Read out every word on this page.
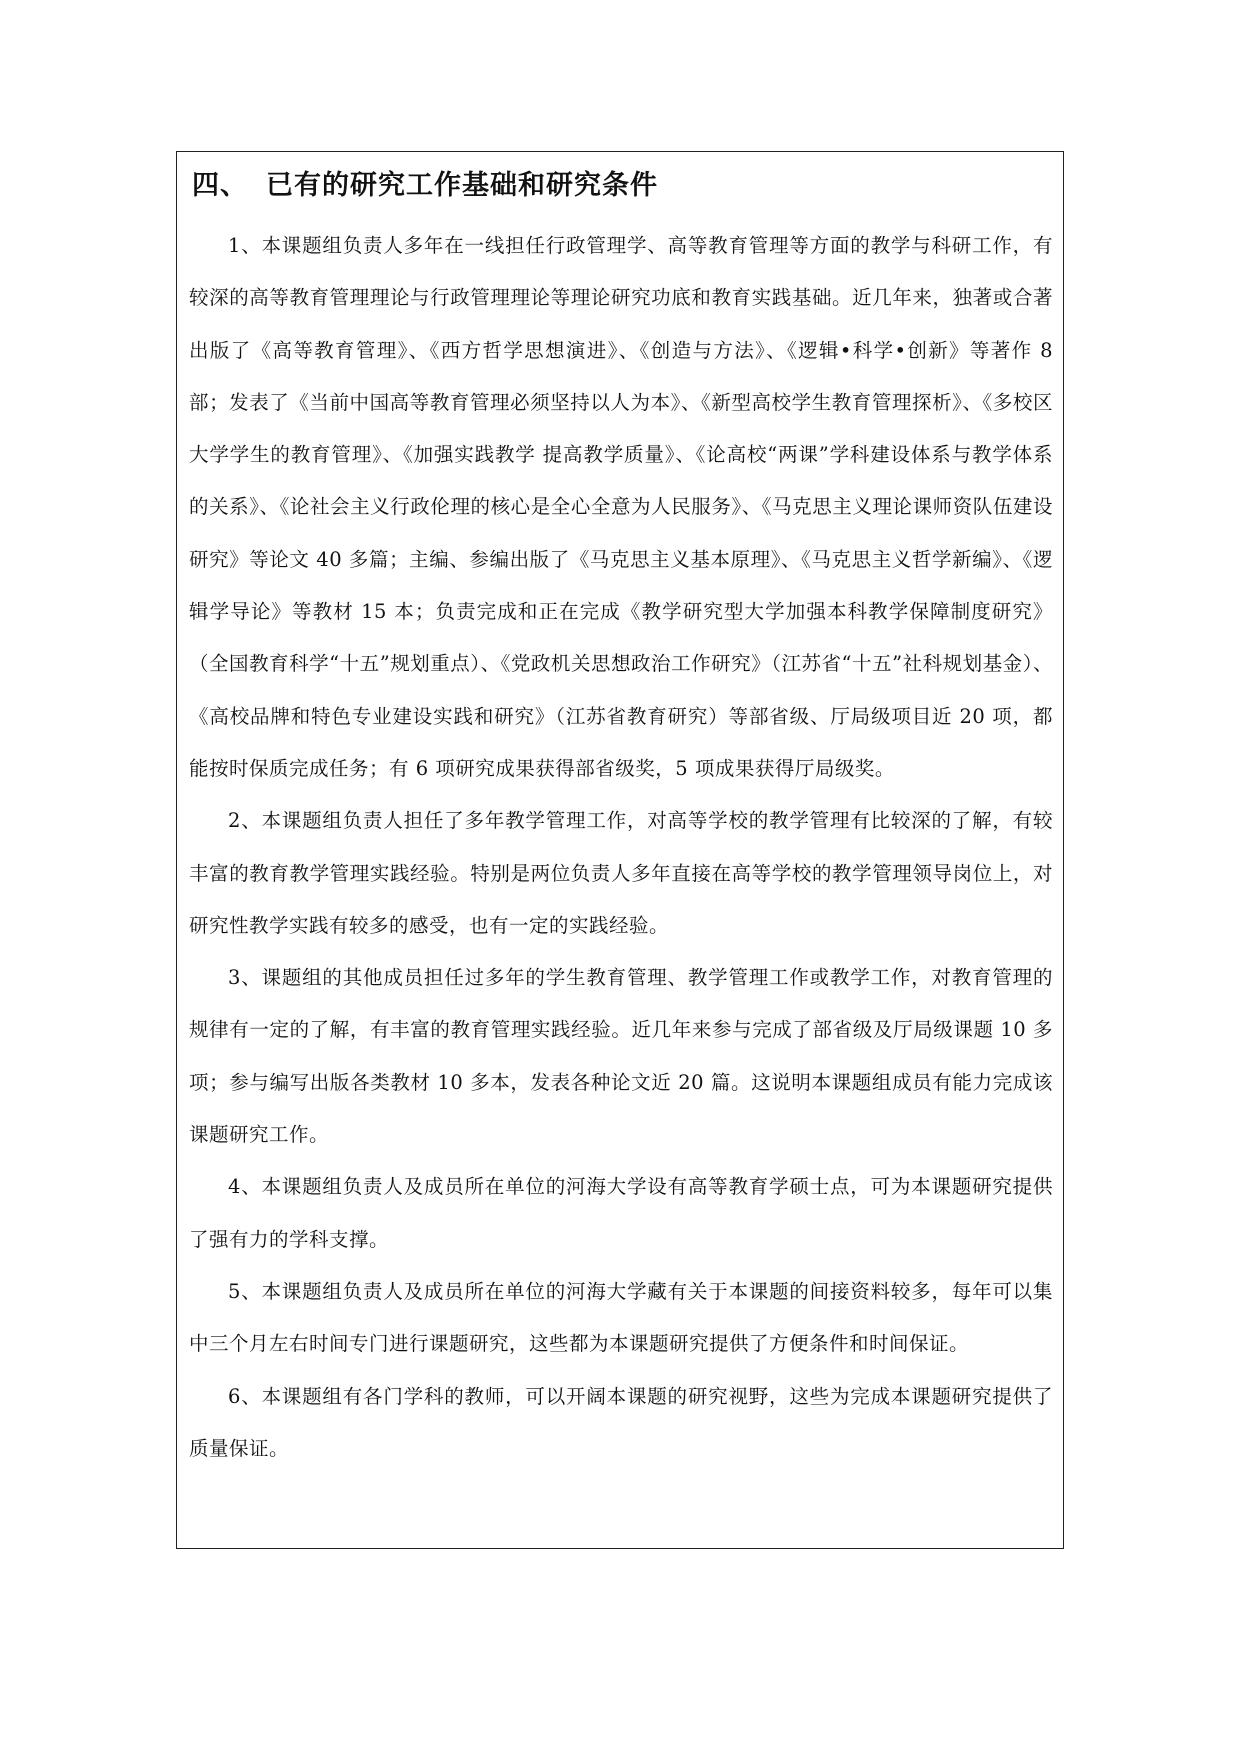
四、 已有的研究工作基础和研究条件

1、本课题组负责人多年在一线担任行政管理学、高等教育管理等方面的教学与科研工作，有较深的高等教育管理理论与行政管理理论等理论研究功底和教育实践基础。近几年来，独著或合著出版了《高等教育管理》、《西方哲学思想演进》、《创造与方法》、《逻辑•科学•创新》等著作 8 部；发表了《当前中国高等教育管理必须坚持以人为本》、《新型高校学生教育管理探析》、《多校区大学学生的教育管理》、《加强实践教学 提高教学质量》、《论高校“两课”学科建设体系与教学体系的关系》、《论社会主义行政伦理的核心是全心全意为人民服务》、《马克思主义理论课师资队伍建设研究》等论文 40 多篇；主编、参编出版了《马克思主义基本原理》、《马克思主义哲学新编》、《逻辑学导论》等教材 15 本；负责完成和正在完成《教学研究型大学加强本科教学保障制度研究》（全国教育科学“十五”规划重点）、《党政机关思想政治工作研究》（江苏省“十五”社科规划基金）、《高校品牌和特色专业建设实践和研究》（江苏省教育研究）等部省级、厅局级项目近 20 项，都能按时保质完成任务；有 6 项研究成果获得部省级奖，5 项成果获得厅局级奖。

2、本课题组负责人担任了多年教学管理工作，对高等学校的教学管理有比较深的了解，有较丰富的教育教学管理实践经验。特别是两位负责人多年直接在高等学校的教学管理领导岗位上，对研究性教学实践有较多的感受，也有一定的实践经验。

3、课题组的其他成员担任过多年的学生教育管理、教学管理工作或教学工作，对教育管理的规律有一定的了解，有丰富的教育管理实践经验。近几年来参与完成了部省级及厅局级课题 10 多项；参与编写出版各类教材 10 多本，发表各种论文近 20 篇。这说明本课题组成员有能力完成该课题研究工作。

4、本课题组负责人及成员所在单位的河海大学设有高等教育学硕士点，可为本课题研究提供了强有力的学科支撑。

5、本课题组负责人及成员所在单位的河海大学藏有关于本课题的间接资料较多，每年可以集中三个月左右时间专门进行课题研究，这些都为本课题研究提供了方便条件和时间保证。

6、本课题组有各门学科的教师，可以开阔本课题的研究视野，这些为完成本课题研究提供了质量保证。
